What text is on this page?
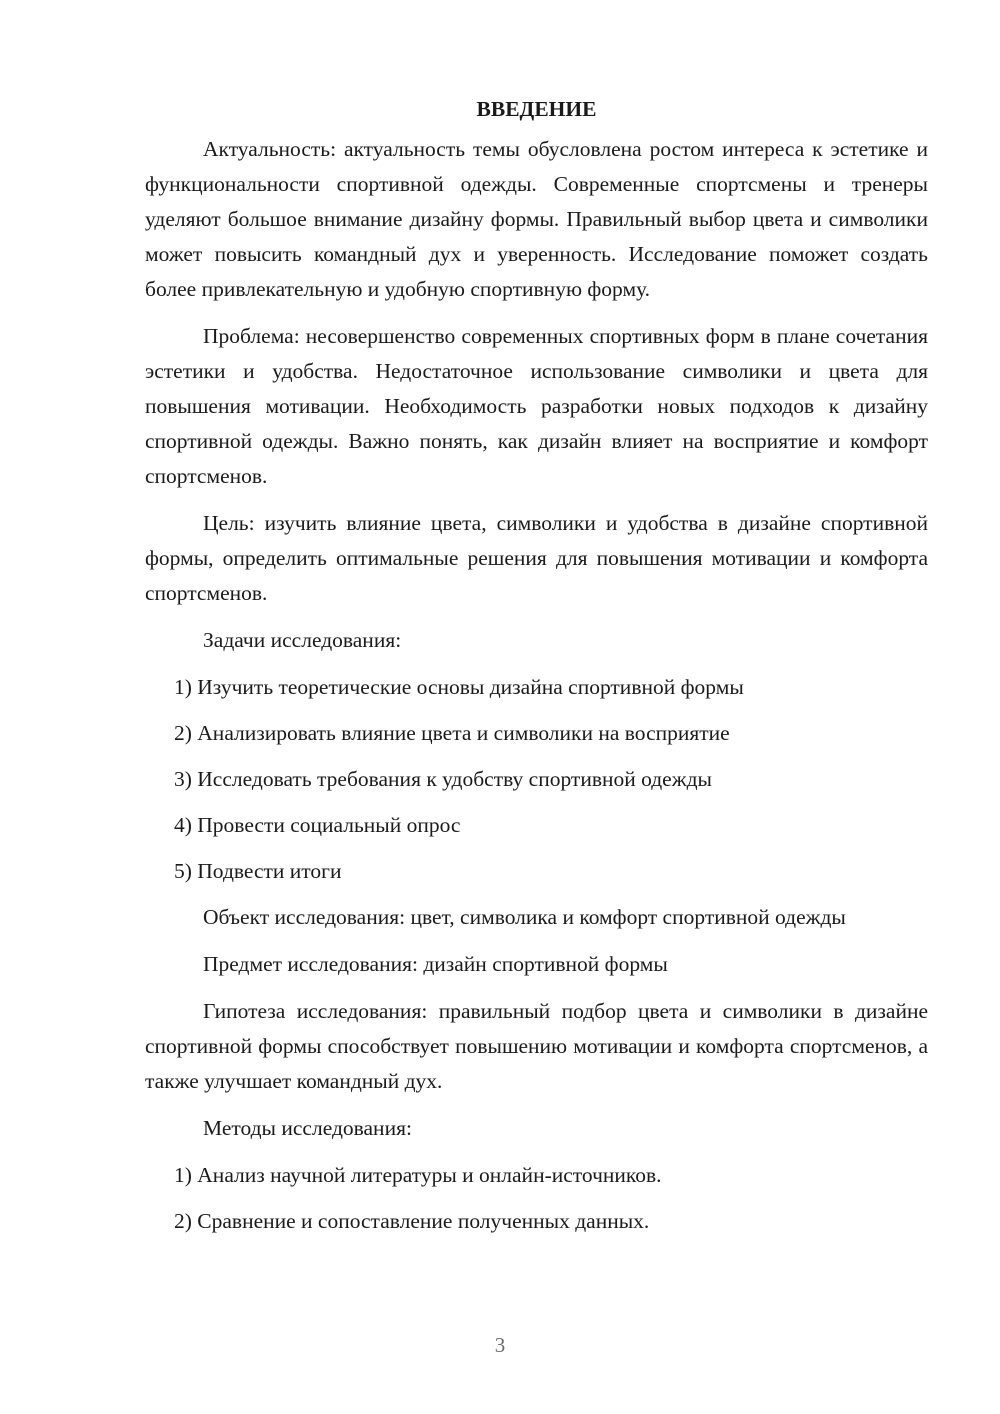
ВВЕДЕНИЕ

Актуальность: актуальность темы обусловлена ростом интереса к эстетике и функциональности спортивной одежды. Современные спортсмены и тренеры уделяют большое внимание дизайну формы. Правильный выбор цвета и символики может повысить командный дух и уверенность. Исследование поможет создать более привлекательную и удобную спортивную форму.

Проблема: несовершенство современных спортивных форм в плане сочетания эстетики и удобства. Недостаточное использование символики и цвета для повышения мотивации. Необходимость разработки новых подходов к дизайну спортивной одежды. Важно понять, как дизайн влияет на восприятие и комфорт спортсменов.

Цель: изучить влияние цвета, символики и удобства в дизайне спортивной формы, определить оптимальные решения для повышения мотивации и комфорта спортсменов.

Задачи исследования:

1) Изучить теоретические основы дизайна спортивной формы
2) Анализировать влияние цвета и символики на восприятие
3) Исследовать требования к удобству спортивной одежды
4) Провести социальный опрос
5) Подвести итоги

Объект исследования: цвет, символика и комфорт спортивной одежды

Предмет исследования: дизайн спортивной формы

Гипотеза исследования: правильный подбор цвета и символики в дизайне спортивной формы способствует повышению мотивации и комфорта спортсменов, а также улучшает командный дух.

Методы исследования:

1) Анализ научной литературы и онлайн-источников.
2) Сравнение и сопоставление полученных данных.
3
